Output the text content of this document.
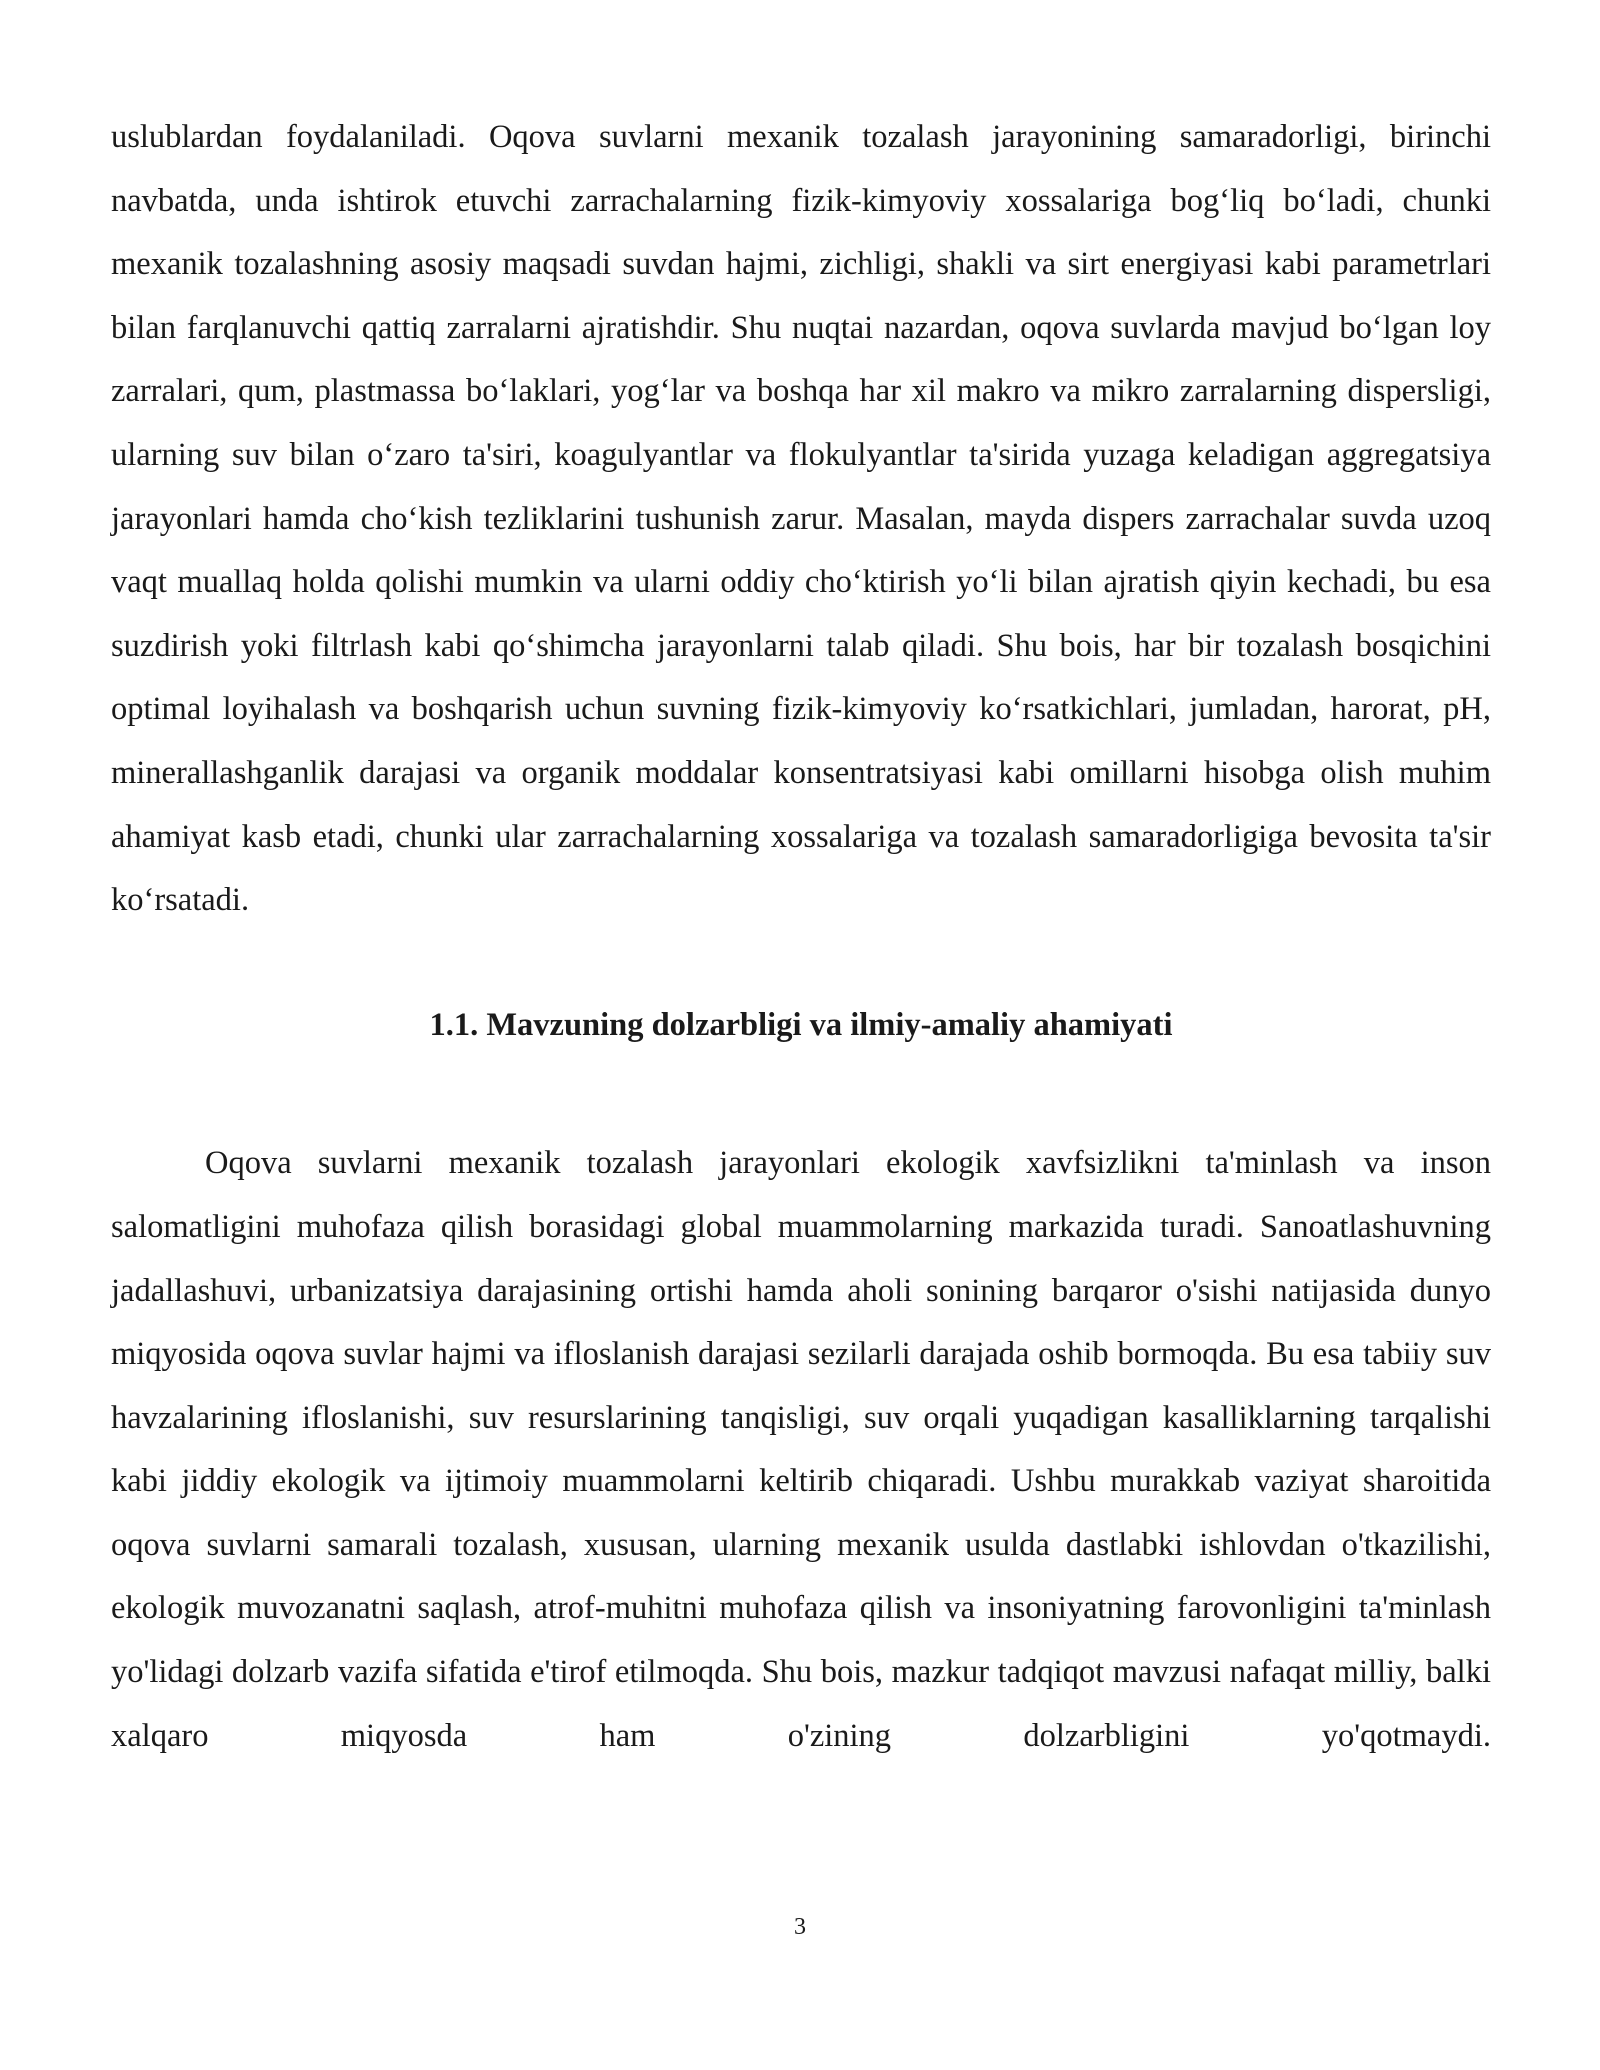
uslublardan foydalaniladi. Oqova suvlarni mexanik tozalash jarayonining samaradorligi, birinchi navbatda, unda ishtirok etuvchi zarrachalarning fizik-kimyoviy xossalariga bogʻliq boʻladi, chunki mexanik tozalashning asosiy maqsadi suvdan hajmi, zichligi, shakli va sirt energiyasi kabi parametrlari bilan farqlanuvchi qattiq zarralarni ajratishdir. Shu nuqtai nazardan, oqova suvlarda mavjud boʻlgan loy zarralari, qum, plastmassa boʻlaklari, yogʻlar va boshqa har xil makro va mikro zarralarning dispersligi, ularning suv bilan oʻzaro ta'siri, koagulyantlar va flokulyantlar ta'sirida yuzaga keladigan aggregatsiya jarayonlari hamda choʻkish tezliklarini tushunish zarur. Masalan, mayda dispers zarrachalar suvda uzoq vaqt muallaq holda qolishi mumkin va ularni oddiy choʻktirish yoʻli bilan ajratish qiyin kechadi, bu esa suzdirish yoki filtrlash kabi qoʻshimcha jarayonlarni talab qiladi. Shu bois, har bir tozalash bosqichini optimal loyihalash va boshqarish uchun suvning fizik-kimyoviy koʻrsatkichlari, jumladan, harorat, pH, minerallashganlik darajasi va organik moddalar konsentratsiyasi kabi omillarni hisobga olish muhim ahamiyat kasb etadi, chunki ular zarrachalarning xossalariga va tozalash samaradorligiga bevosita ta'sir koʻrsatadi.

1.1. Mavzuning dolzarbligi va ilmiy-amaliy ahamiyati

Oqova suvlarni mexanik tozalash jarayonlari ekologik xavfsizlikni ta'minlash va inson salomatligini muhofaza qilish borasidagi global muammolarning markazida turadi. Sanoatlashuvning jadallashuvi, urbanizatsiya darajasining ortishi hamda aholi sonining barqaror o'sishi natijasida dunyo miqyosida oqova suvlar hajmi va ifloslanish darajasi sezilarli darajada oshib bormoqda. Bu esa tabiiy suv havzalarining ifloslanishi, suv resurslarining tanqisligi, suv orqali yuqadigan kasalliklarning tarqalishi kabi jiddiy ekologik va ijtimoiy muammolarni keltirib chiqaradi. Ushbu murakkab vaziyat sharoitida oqova suvlarni samarali tozalash, xususan, ularning mexanik usulda dastlabki ishlovdan o'tkazilishi, ekologik muvozanatni saqlash, atrof-muhitni muhofaza qilish va insoniyatning farovonligini ta'minlash yo'lidagi dolzarb vazifa sifatida e'tirof etilmoqda. Shu bois, mazkur tadqiqot mavzusi nafaqat milliy, balki xalqaro miqyosda ham o'zining dolzarbligini yo'qotmaydi.

3
